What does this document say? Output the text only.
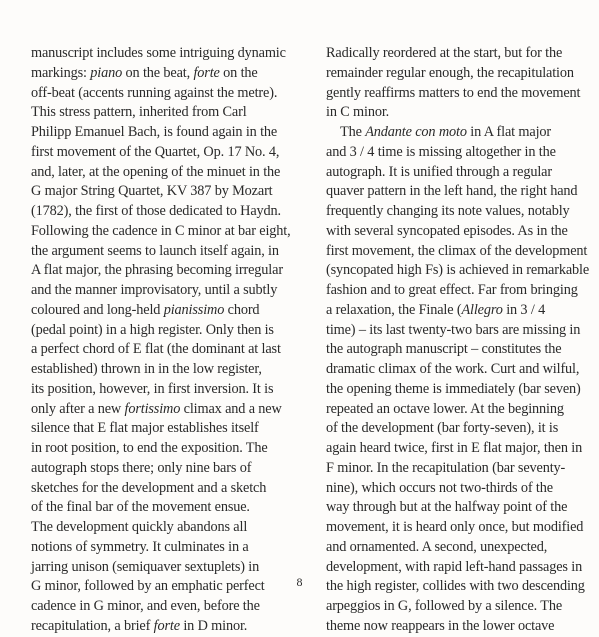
manuscript includes some intriguing dynamic
markings: piano on the beat, forte on the
off-beat (accents running against the metre).
This stress pattern, inherited from Carl
Philipp Emanuel Bach, is found again in the
first movement of the Quartet, Op. 17 No. 4,
and, later, at the opening of the minuet in the
G major String Quartet, KV 387 by Mozart
(1782), the first of those dedicated to Haydn.
Following the cadence in C minor at bar eight,
the argument seems to launch itself again, in
A flat major, the phrasing becoming irregular
and the manner improvisatory, until a subtly
coloured and long-held pianissimo chord
(pedal point) in a high register. Only then is
a perfect chord of E flat (the dominant at last
established) thrown in in the low register,
its position, however, in first inversion. It is
only after a new fortissimo climax and a new
silence that E flat major establishes itself
in root position, to end the exposition. The
autograph stops there; only nine bars of
sketches for the development and a sketch
of the final bar of the movement ensue.
The development quickly abandons all
notions of symmetry. It culminates in a
jarring unison (semiquaver sextuplets) in
G minor, followed by an emphatic perfect
cadence in G minor, and even, before the
recapitulation, a brief forte in D minor.
Radically reordered at the start, but for the
remainder regular enough, the recapitulation
gently reaffirms matters to end the movement
in C minor.
The Andante con moto in A flat major
and 3 / 4 time is missing altogether in the
autograph. It is unified through a regular
quaver pattern in the left hand, the right hand
frequently changing its note values, notably
with several syncopated episodes. As in the
first movement, the climax of the development
(syncopated high Fs) is achieved in remarkable
fashion and to great effect. Far from bringing
a relaxation, the Finale (Allegro in 3 / 4
time) – its last twenty-two bars are missing in
the autograph manuscript – constitutes the
dramatic climax of the work. Curt and wilful,
the opening theme is immediately (bar seven)
repeated an octave lower. At the beginning
of the development (bar forty-seven), it is
again heard twice, first in E flat major, then in
F minor. In the recapitulation (bar seventy-
nine), which occurs not two-thirds of the
way through but at the halfway point of the
movement, it is heard only once, but modified
and ornamented. A second, unexpected,
development, with rapid left-hand passages in
the high register, collides with two descending
arpeggios in G, followed by a silence. The
theme now reappears in the lower octave
8
